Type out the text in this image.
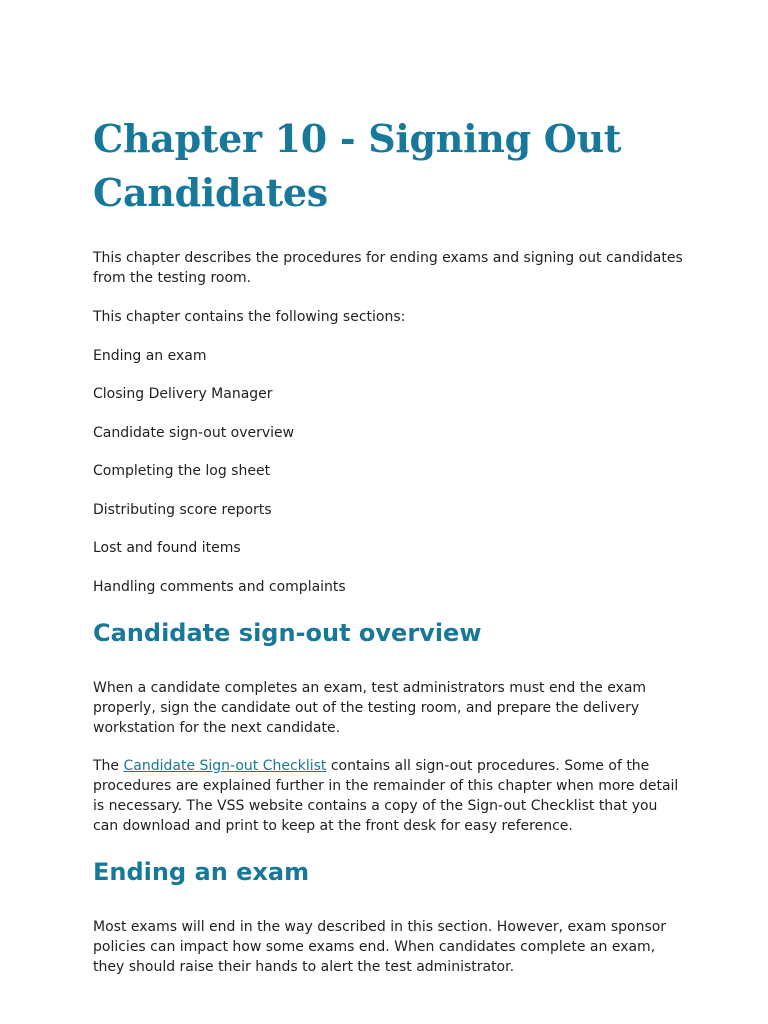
Chapter 10 - Signing Out Candidates

This chapter describes the procedures for ending exams and signing out candidates from the testing room.

This chapter contains the following sections:

Ending an exam

Closing Delivery Manager

Candidate sign-out overview

Completing the log sheet

Distributing score reports

Lost and found items

Handling comments and complaints

Candidate sign-out overview

When a candidate completes an exam, test administrators must end the exam properly, sign the candidate out of the testing room, and prepare the delivery workstation for the next candidate.

The Candidate Sign-out Checklist contains all sign-out procedures. Some of the procedures are explained further in the remainder of this chapter when more detail is necessary. The VSS website contains a copy of the Sign-out Checklist that you can download and print to keep at the front desk for easy reference.

Ending an exam

Most exams will end in the way described in this section. However, exam sponsor policies can impact how some exams end. When candidates complete an exam, they should raise their hands to alert the test administrator.
